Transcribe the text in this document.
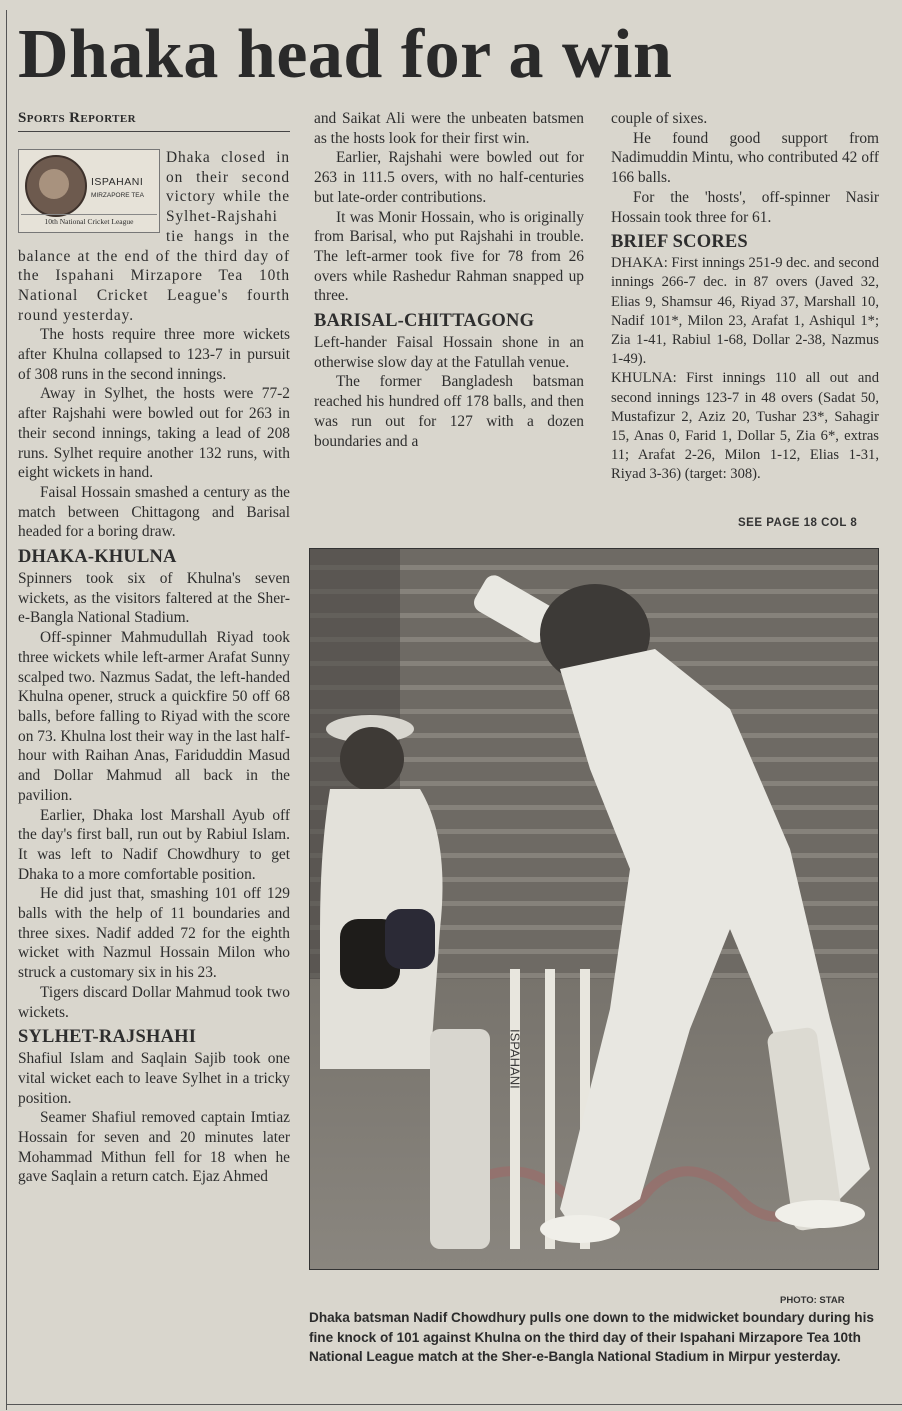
Dhaka head for a win
Sports Reporter
ISPAHANI
MIRZAPORE TEA
10th National Cricket League

Dhaka closed in on their second victory while the Sylhet-Rajshahi tie hangs in the balance at the end of the third day of the Ispahani Mirzapore Tea 10th National Cricket League's fourth round yesterday.

The hosts require three more wickets after Khulna collapsed to 123-7 in pursuit of 308 runs in the second innings.

Away in Sylhet, the hosts were 77-2 after Rajshahi were bowled out for 263 in their second innings, taking a lead of 208 runs. Sylhet require another 132 runs, with eight wickets in hand.

Faisal Hossain smashed a century as the match between Chittagong and Barisal headed for a boring draw.

DHAKA-KHULNA

Spinners took six of Khulna's seven wickets, as the visitors faltered at the Sher-e-Bangla National Stadium.

Off-spinner Mahmudullah Riyad took three wickets while left-armer Arafat Sunny scalped two. Nazmus Sadat, the left-handed Khulna opener, struck a quickfire 50 off 68 balls, before falling to Riyad with the score on 73. Khulna lost their way in the last half-hour with Raihan Anas, Fariduddin Masud and Dollar Mahmud all back in the pavilion.

Earlier, Dhaka lost Marshall Ayub off the day's first ball, run out by Rabiul Islam. It was left to Nadif Chowdhury to get Dhaka to a more comfortable position.

He did just that, smashing 101 off 129 balls with the help of 11 boundaries and three sixes. Nadif added 72 for the eighth wicket with Nazmul Hossain Milon who struck a customary six in his 23.

Tigers discard Dollar Mahmud took two wickets.

SYLHET-RAJSHAHI

Shafiul Islam and Saqlain Sajib took one vital wicket each to leave Sylhet in a tricky position.

Seamer Shafiul removed captain Imtiaz Hossain for seven and 20 minutes later Mohammad Mithun fell for 18 when he gave Saqlain a return catch. Ejaz Ahmed

and Saikat Ali were the unbeaten batsmen as the hosts look for their first win.

Earlier, Rajshahi were bowled out for 263 in 111.5 overs, with no half-centuries but late-order contributions.

It was Monir Hossain, who is originally from Barisal, who put Rajshahi in trouble. The left-armer took five for 78 from 26 overs while Rashedur Rahman snapped up three.

BARISAL-CHITTAGONG

Left-hander Faisal Hossain shone in an otherwise slow day at the Fatullah venue.

The former Bangladesh batsman reached his hundred off 178 balls, and then was run out for 127 with a dozen boundaries and a

couple of sixes.

He found good support from Nadimuddin Mintu, who contributed 42 off 166 balls.

For the 'hosts', off-spinner Nasir Hossain took three for 61.

BRIEF SCORES

DHAKA: First innings 251-9 dec. and second innings 266-7 dec. in 87 overs (Javed 32, Elias 9, Shamsur 46, Riyad 37, Marshall 10, Nadif 101*, Milon 23, Arafat 1, Ashiqul 1*; Zia 1-41, Rabiul 1-68, Dollar 2-38, Nazmus 1-49).

KHULNA: First innings 110 all out and second innings 123-7 in 48 overs (Sadat 50, Mustafizur 2, Aziz 20, Tushar 23*, Sahagir 15, Anas 0, Farid 1, Dollar 5, Zia 6*, extras 11; Arafat 2-26, Milon 1-12, Elias 1-31, Riyad 3-36) (target: 308).

SEE PAGE 18 COL 8
ISPAHANI
PHOTO: STAR
Dhaka batsman Nadif Chowdhury pulls one down to the midwicket boundary during his fine knock of 101 against Khulna on the third day of their Ispahani Mirzapore Tea 10th National League match at the Sher-e-Bangla National Stadium in Mirpur yesterday.
